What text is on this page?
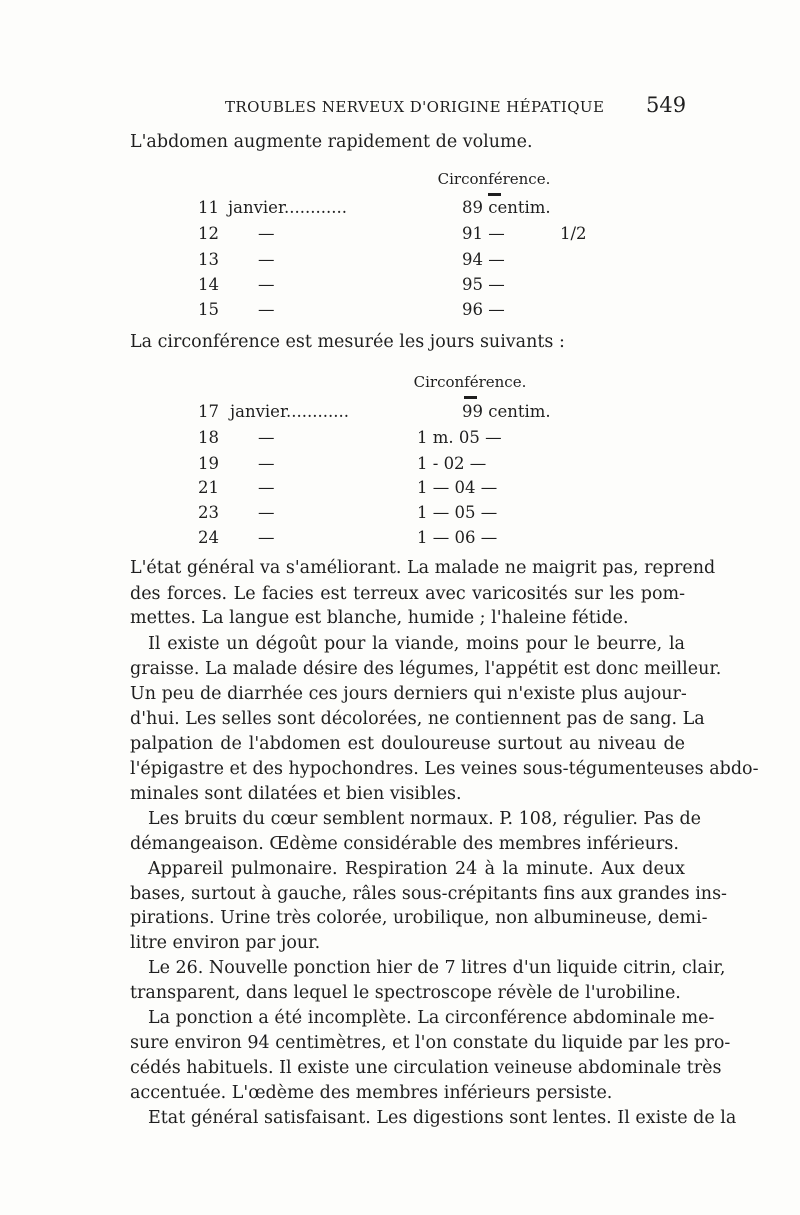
TROUBLES NERVEUX D'ORIGINE HÉPATIQUE 549
L'abdomen augmente rapidement de volume.
Circonférence.
11 janvier............	89 centim.
12 —	91 —	1/2
13 —	94 —
14 —	95 —
15 —	96 —
La circonférence est mesurée les jours suivants :
Circonférence.
17 janvier............	99 centim.
18 —	1 m. 05 —
19 —	1 - 02 —
21 —	1 — 04 —
23 —	1 — 05 —
24 —	1 — 06 —
L'état général va s'améliorant. La malade ne maigrit pas, reprend
des forces. Le facies est terreux avec varicosités sur les pom-
mettes. La langue est blanche, humide ; l'haleine fétide.
Il existe un dégoût pour la viande, moins pour le beurre, la
graisse. La malade désire des légumes, l'appétit est donc meilleur.
Un peu de diarrhée ces jours derniers qui n'existe plus aujour-
d'hui. Les selles sont décolorées, ne contiennent pas de sang. La
palpation de l'abdomen est douloureuse surtout au niveau de
l'épigastre et des hypochondres. Les veines sous-tégumenteuses abdo-
minales sont dilatées et bien visibles.
Les bruits du cœur semblent normaux. P. 108, régulier. Pas de
démangeaison. Œdème considérable des membres inférieurs.
Appareil pulmonaire. Respiration 24 à la minute. Aux deux
bases, surtout à gauche, râles sous-crépitants fins aux grandes ins-
pirations. Urine très colorée, urobilique, non albumineuse, demi-
litre environ par jour.
Le 26. Nouvelle ponction hier de 7 litres d'un liquide citrin, clair,
transparent, dans lequel le spectroscope révèle de l'urobiline.
La ponction a été incomplète. La circonférence abdominale me-
sure environ 94 centimètres, et l'on constate du liquide par les pro-
cédés habituels. Il existe une circulation veineuse abdominale très
accentuée. L'œdème des membres inférieurs persiste.
Etat général satisfaisant. Les digestions sont lentes. Il existe de la
